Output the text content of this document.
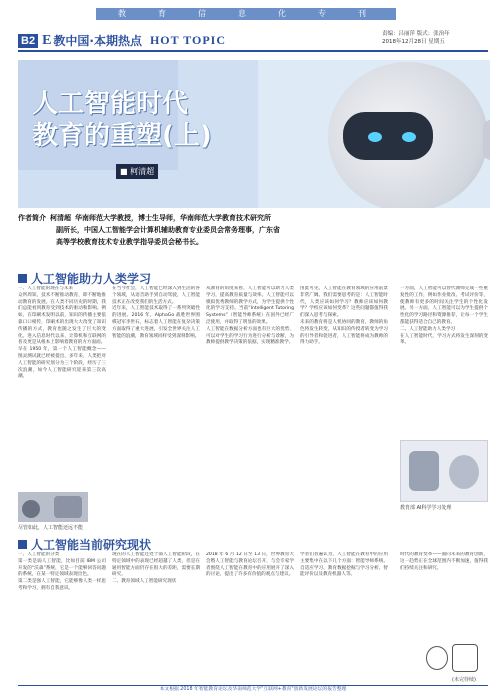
教	育	信	息	化	专	刊
B2 E 教中国·本期热点 HOT TOPIC	责编：吕丽萍 版式：张治年
2018年12月28日 星期五
人工智能时代
教育的重塑(上)
■ 柯清超

作者简介 柯清超 华南师范大学教授，博士生导师，华南师范大学教育技术研究所

副所长，中国人工智能学会计算机辅助教育专业委员会常务理事，广东省

高等学校教育技术专业教学指导委员会秘书长。

人工智能助力人类学习
一、人工智能的现在与未来
众所周知，技术不断推动教育，即不断地推动教育的发展。在人类不同历史的时期，我们总能看到教育受到技术的驱动和影响。例如，在印刷术发明以前，知识的传播主要依靠口口相传，印刷术的出现大大改变了知识传播的方式，教育也随之发生了巨大的变化。进入信息时代以来，计算机和互联网的普及更是从根本上影响着教育的方方面面。
早在 1950 年，第一个人工智能概念——图灵测试就已经被提出，多年来，人类把对人工智能的研究划分为三个阶段，经历了三次浪潮，如今人工智能研究迎来第三次高潮。
在当今社会，人工智能已经深入到生活的各个领域，从语音助手到自动驾驶，人工智能技术正在改变我们的生活方式。
近年来，人工智能技术取得了一系列突破性的进展。2016 年，AlphaGo 战胜世界围棋冠军李世石，标志着人工智能在复杂决策方面取得了重大进展，引发全世界关注人工智能的浪潮，教育领域同样受到深刻影响。
从教育的角度来看，人工智能可以助力人类学习，提高教育质量与效率。人工智能可以模拟优秀教师的教学方式，为学生提供个性化的学习支持。当前“Intelligent Tutoring Systems”（智能导师系统）在国外已经广泛使用，并取得了明显的效果。
人工智能在数据分析方面也有巨大的优势，可以对学生的学习行为进行分析与诊断，为教师提供教学决策的依据，实现精准教学。
由此可见，人工智能在教育领域的应用前景非常广阔。我们需要思考的是：人工智能时代，人类应该如何学习？教师应该如何教学？学校应该如何变革？这些问题都值得我们深入思考与探索。
未来的教育将是人机协同的教育，教师的角色将发生转变，从知识的传授者转变为学习的引导者和促进者，人工智能将成为教师的得力助手。
一方面，人工智能可以替代教师完成一些重复性的工作，例如作业批改、考试评价等，使教师有更多的时间关注学生的个性化发展。另一方面，人工智能可以为学生提供个性化的学习路径和资源推荐，让每一个学生都能获得适合自己的教育。
二、人工智能助力人类学习
在人工智能时代，学习方式将发生深刻的变革。
尽管如此，人工智能还远不能
教育部 AI科学学习处理
人工智能当前研究现状
一、人工智能的分类
第一类是弱人工智能，比如目前 IBM 公司开发的“沃森”系统，它是一个能够回答问题的系统，在某一特定领域表现出色。
第二类是强人工智能，它能够像人类一样思考和学习，拥有自我意识。
现在的人工智能还处于弱人工智能阶段，在特定领域中的表现已经超越了人类，但是在通用智能方面仍存在很大的差距，需要长期研究。
二、教育领域人工智能研究现状
2018 年 6 月 12 日至 13 日，世界教育大会暨人工智能与教育论坛召开，与会专家学者围绕人工智能在教育中的应用展开了深入的讨论，提出了许多有价值的观点与建议。
学者们普遍认为，人工智能在教育中的应用主要集中在以下几个方面：智能导师系统、自适应学习、教育数据挖掘与学习分析、智能评价以及教育机器人等。
时代的教育变革——面向未来的教育创新，这一趋势正在全球范围内不断加速，值得我们持续关注和研究。
(未完待续)

本文根据 2018 年智能教育论坛及华南师范大学"互联网+教育"创新发展论坛的报告整理
